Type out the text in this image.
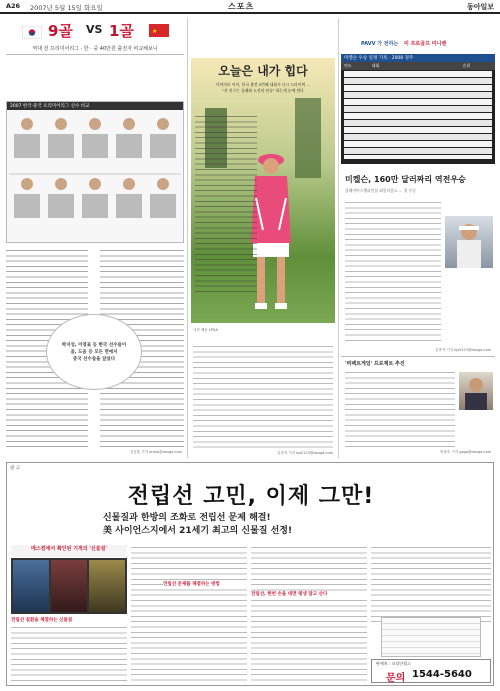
A26 2007년 5월 15일 화요일	스포츠	동아일보
9골 VS 1골	★
역대 전 프리미어리그 · 한 · 중 40만원 출전자 비교해보니
2007 한국·중국 프리미어리그 선수 비교
박지성, 이영표 등 한국 선수들이
골, 도움 등 모든 면에서
중국 선수들을 앞섰다
김동훈 기자 arrow@donga.com
오늘은 내가 힙다
미야자토 아이, 한국 출전 5번째 대회서 다시 드라이버 ...
"저 친구는 실패와 도전의 연속" 하는게 눈에 띈다
사진 제공 LPGA
김종석 기자 kjs0123@donga.com
PAVV 가 전하는 미 프로골프 미니밴
미켈슨 우승 일정 기록 · 2008 경주
연도	대회	순위
미켈슨, 160만 달러짜리 역전우승
플레이어스챔피언십 최종라운드 … 첫 우승
김종석 기자 kjs0123@donga.com
'퍼펙트게임' 프로젝트 추진
박광호 기자 gaga@donga.com
광 고
전립선 고민, 이제 그만!
신물질과 한방의 조화로 전립선 문제 해결!
美 사이언스지에서 21세기 최고의 신물질 선정!
매스컴에서 확인된 기적의 '신물질'
전립선 질환을 해결하는 신물질
전립선 문제를 해결하는 방법
전립선, 한번 손을 대면 평생 달고 산다
판매처 : 코리안헬스
문의 1544-5640
